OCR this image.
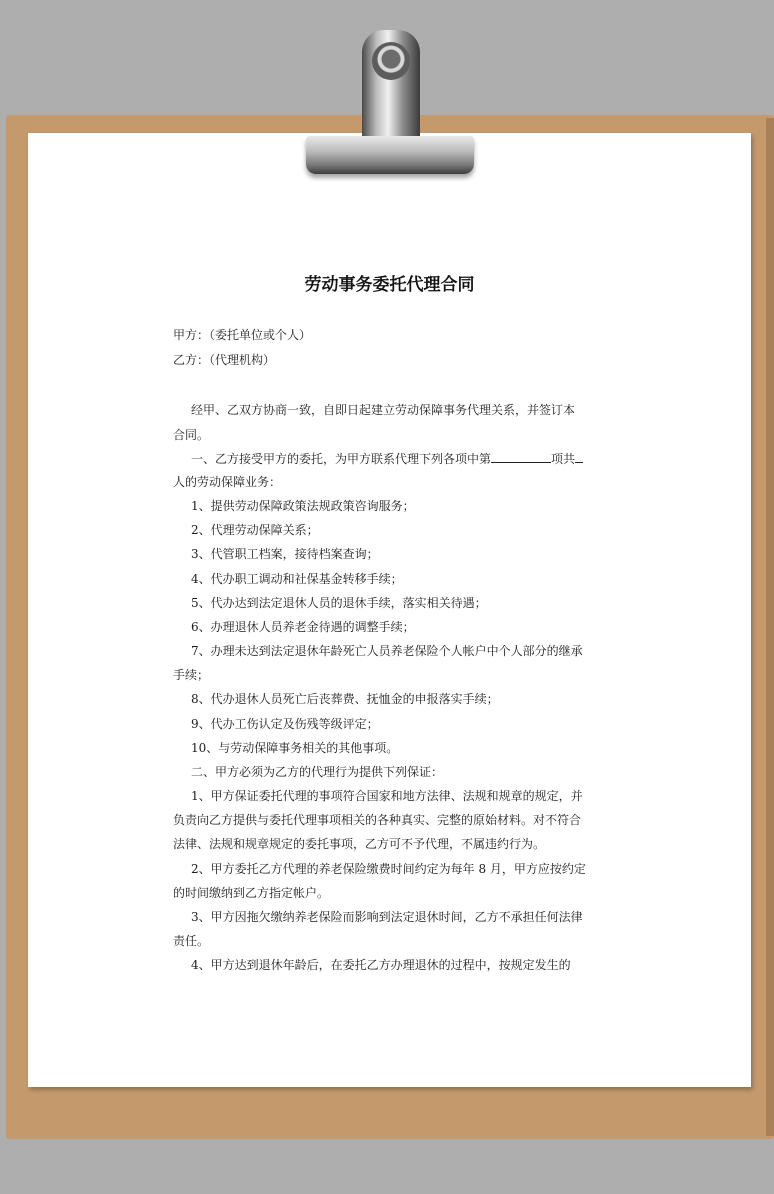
劳动事务委托代理合同
甲方：（委托单位或个人）
乙方：（代理机构）
经甲、乙双方协商一致，自即日起建立劳动保障事务代理关系，并签订本
合同。
一、乙方接受甲方的委托，为甲方联系代理下列各项中第	项共
人的劳动保障业务：
1、提供劳动保障政策法规政策咨询服务；
2、代理劳动保障关系；
3、代管职工档案，接待档案查询；
4、代办职工调动和社保基金转移手续；
5、代办达到法定退休人员的退休手续，落实相关待遇；
6、办理退休人员养老金待遇的调整手续；
7、办理未达到法定退休年龄死亡人员养老保险个人帐户中个人部分的继承
手续；
8、代办退休人员死亡后丧葬费、抚恤金的申报落实手续；
9、代办工伤认定及伤残等级评定；
10、与劳动保障事务相关的其他事项。
二、甲方必须为乙方的代理行为提供下列保证：
1、甲方保证委托代理的事项符合国家和地方法律、法规和规章的规定，并
负责向乙方提供与委托代理事项相关的各种真实、完整的原始材料。对不符合
法律、法规和规章规定的委托事项，乙方可不予代理，不属违约行为。
2、甲方委托乙方代理的养老保险缴费时间约定为每年 8 月，甲方应按约定
的时间缴纳到乙方指定帐户。
3、甲方因拖欠缴纳养老保险而影响到法定退休时间，乙方不承担任何法律
责任。
4、甲方达到退休年龄后，在委托乙方办理退休的过程中，按规定发生的
